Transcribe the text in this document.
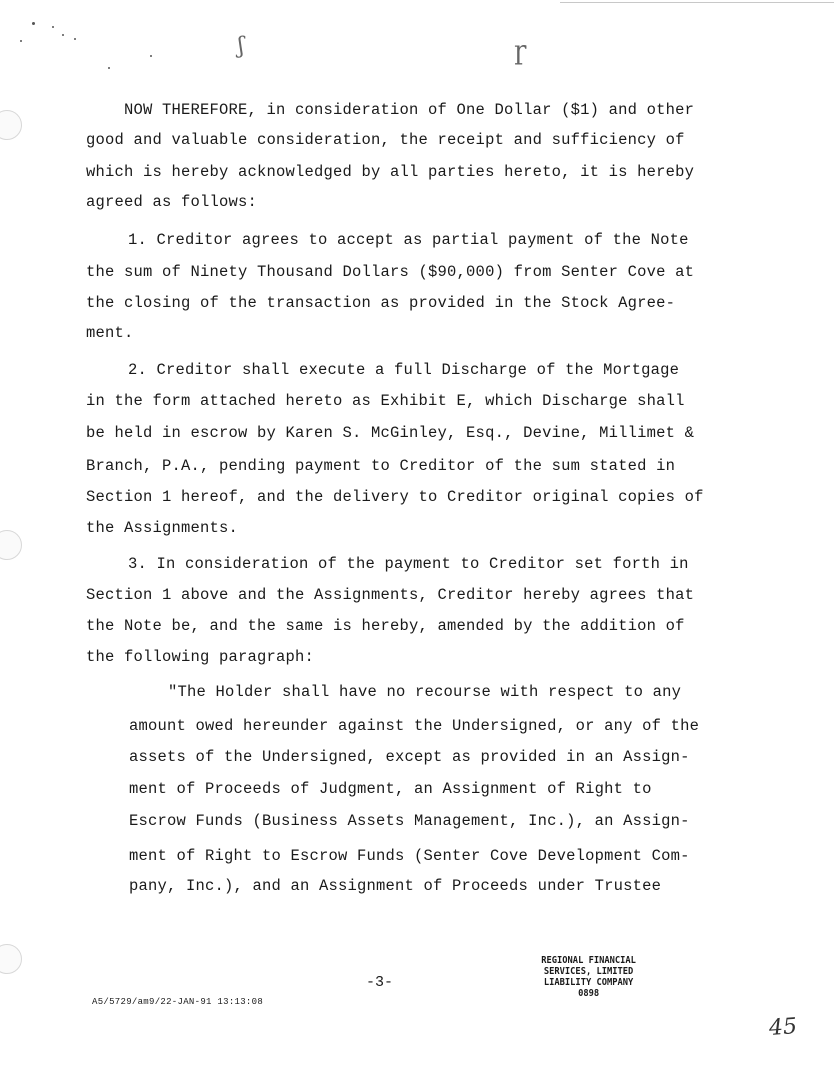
ʃ	ɼ
NOW THEREFORE, in consideration of One Dollar ($1) and other
good and valuable consideration, the receipt and sufficiency of
which is hereby acknowledged by all parties hereto, it is hereby
agreed as follows:
1. Creditor agrees to accept as partial payment of the Note
the sum of Ninety Thousand Dollars ($90,000) from Senter Cove at
the closing of the transaction as provided in the Stock Agree-
ment.
2. Creditor shall execute a full Discharge of the Mortgage
in the form attached hereto as Exhibit E, which Discharge shall
be held in escrow by Karen S. McGinley, Esq., Devine, Millimet &
Branch, P.A., pending payment to Creditor of the sum stated in
Section 1 hereof, and the delivery to Creditor original copies of
the Assignments.
3. In consideration of the payment to Creditor set forth in
Section 1 above and the Assignments, Creditor hereby agrees that
the Note be, and the same is hereby, amended by the addition of
the following paragraph:
"The Holder shall have no recourse with respect to any
amount owed hereunder against the Undersigned, or any of the
assets of the Undersigned, except as provided in an Assign-
ment of Proceeds of Judgment, an Assignment of Right to
Escrow Funds (Business Assets Management, Inc.), an Assign-
ment of Right to Escrow Funds (Senter Cove Development Com-
pany, Inc.), and an Assignment of Proceeds under Trustee
-3-
A5/5729/am9/22-JAN-91 13:13:08
REGIONAL FINANCIAL
SERVICES, LIMITED
LIABILITY COMPANY
0898
45
